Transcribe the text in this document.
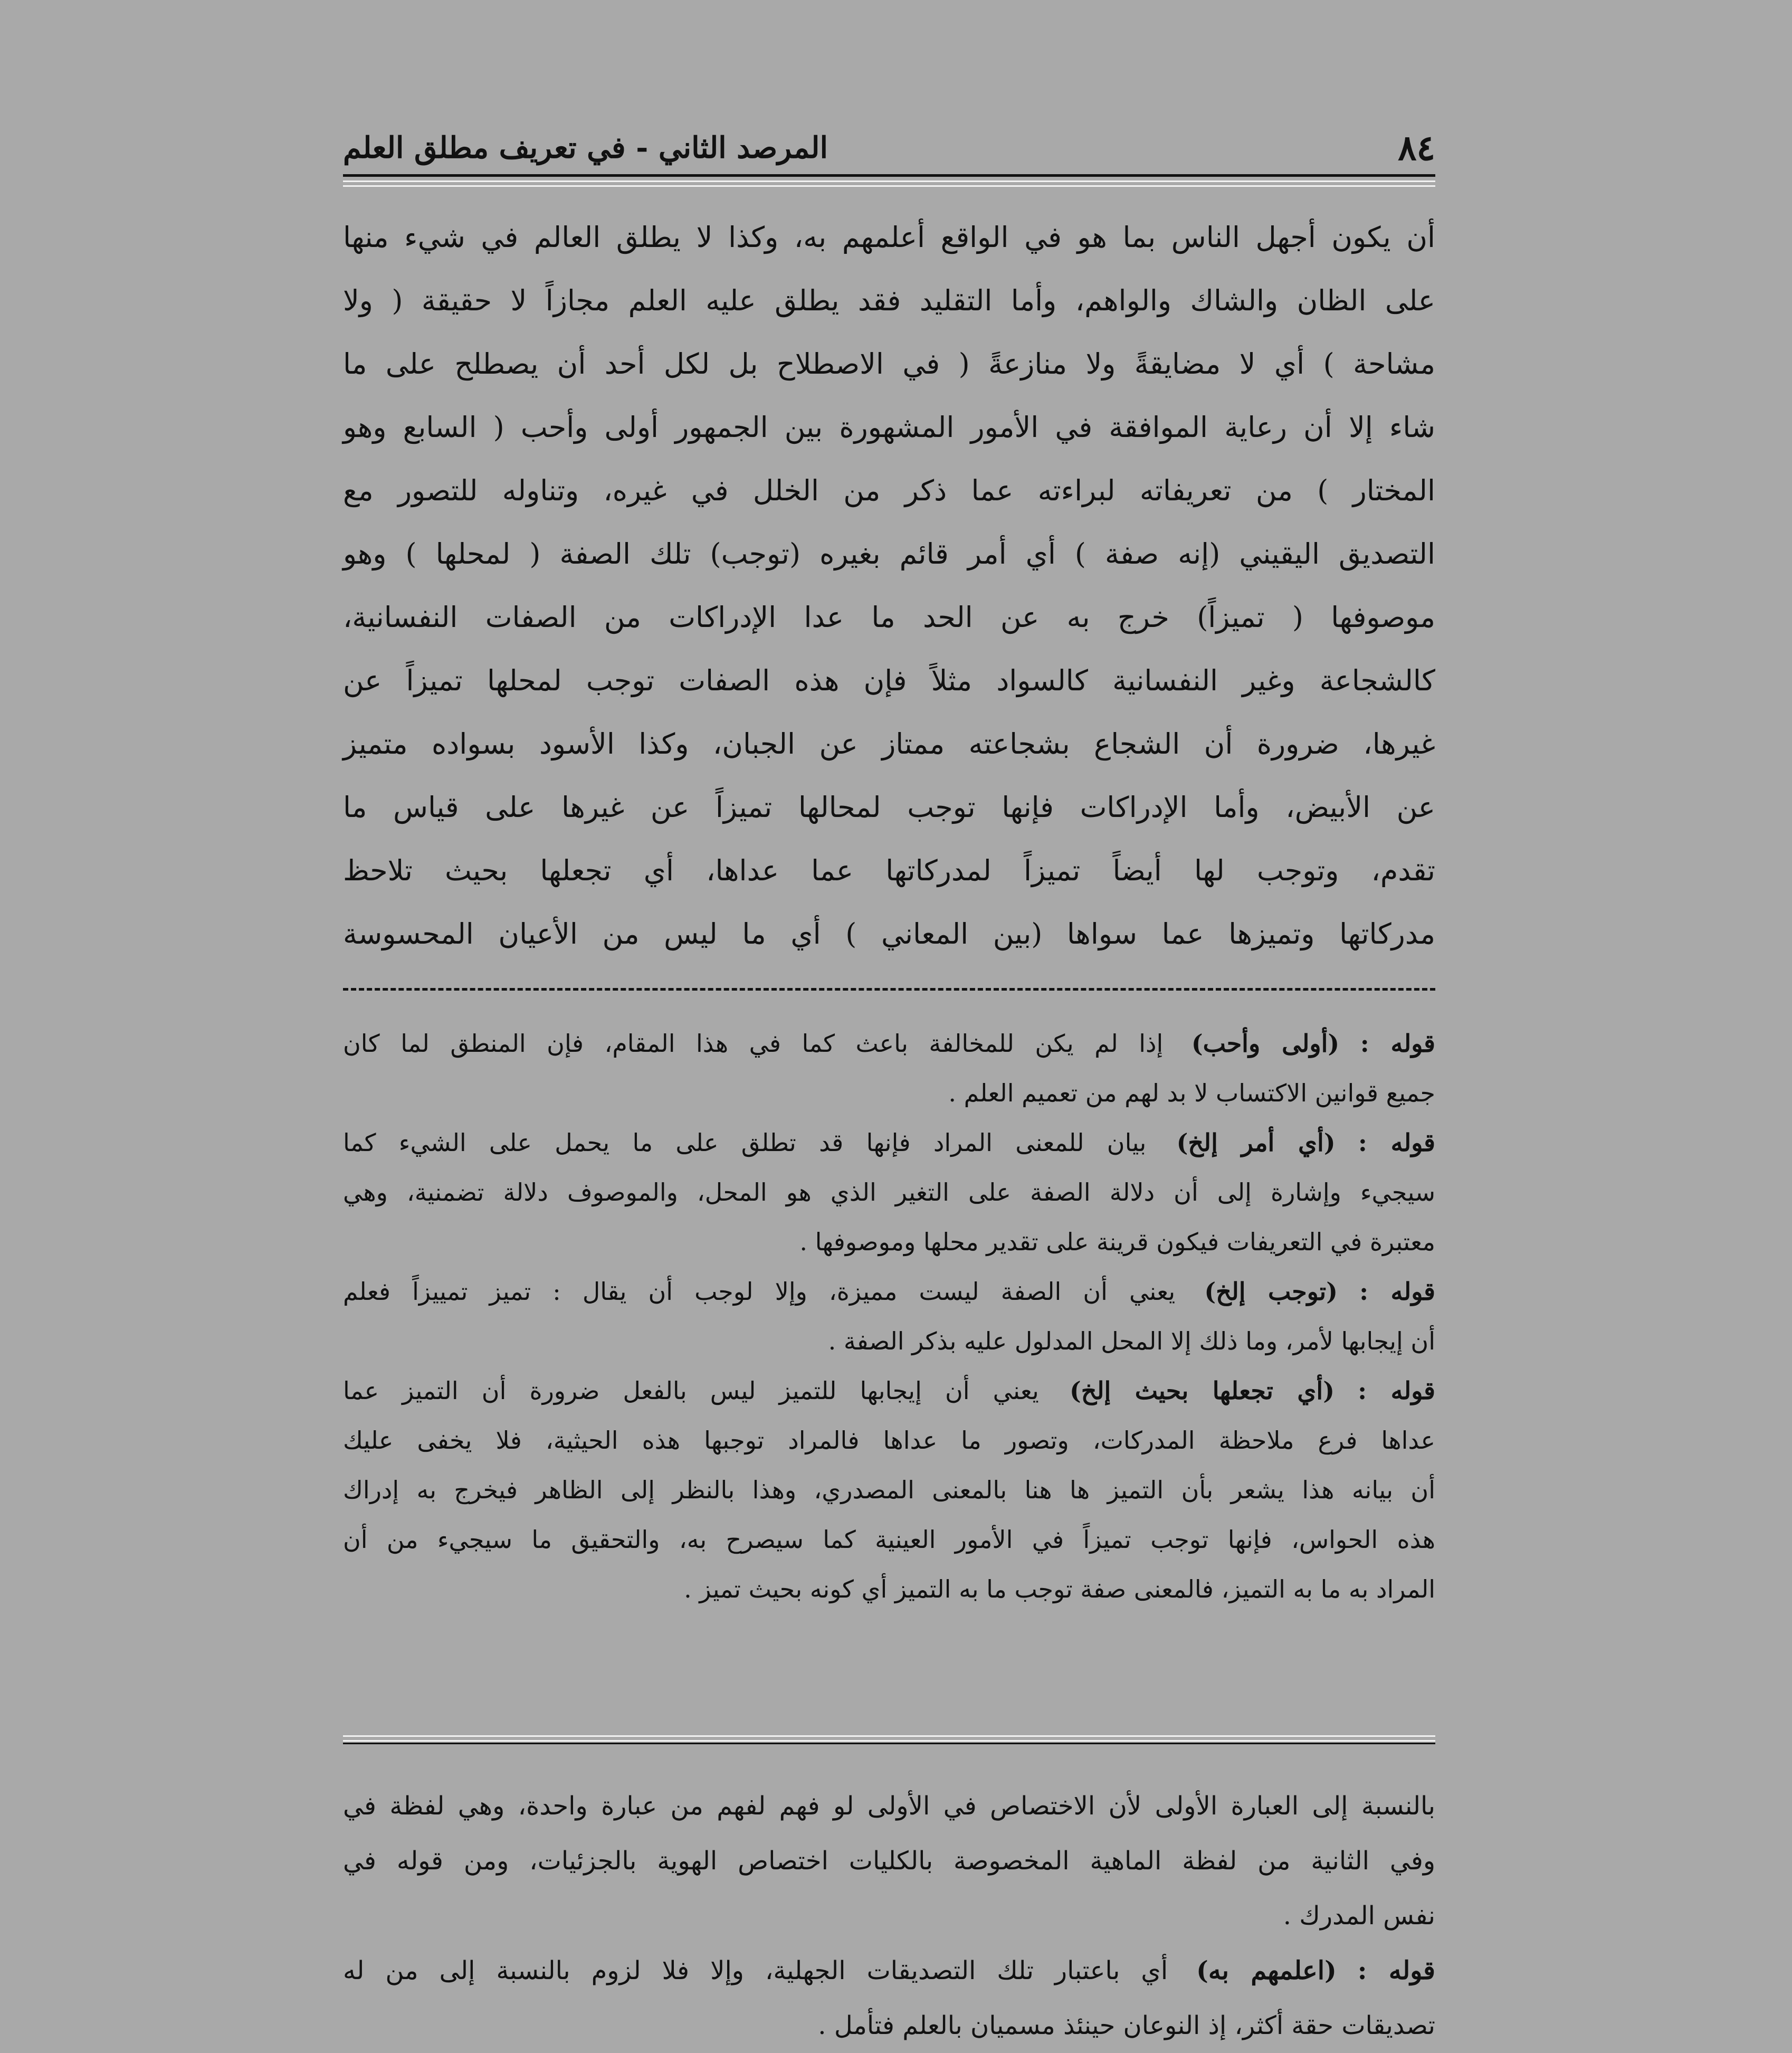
٨٤
المرصد الثاني - في تعريف مطلق العلم

أن يكون أجهل الناس بما هو في الواقع أعلمهم به، وكذا لا يطلق العالم في شيء منها

على الظان والشاك والواهم، وأما التقليد فقد يطلق عليه العلم مجازاً لا حقيقة ( ولا

مشاحة ) أي لا مضايقةً ولا منازعةً ( في الاصطلاح بل لكل أحد أن يصطلح على ما

شاء إلا أن رعاية الموافقة في الأمور المشهورة بين الجمهور أولى وأحب ( السابع وهو

المختار ) من تعريفاته لبراءته عما ذكر من الخلل في غيره، وتناوله للتصور مع

التصديق اليقيني (إنه صفة ) أي أمر قائم بغيره (توجب) تلك الصفة ( لمحلها ) وهو

موصوفها ( تميزاً) خرج به عن الحد ما عدا الإدراكات من الصفات النفسانية،

كالشجاعة وغير النفسانية كالسواد مثلاً فإن هذه الصفات توجب لمحلها تميزاً عن

غيرها، ضرورة أن الشجاع بشجاعته ممتاز عن الجبان، وكذا الأسود بسواده متميز

عن الأبيض، وأما الإدراكات فإنها توجب لمحالها تميزاً عن غيرها على قياس ما

تقدم، وتوجب لها أيضاً تميزاً لمدركاتها عما عداها، أي تجعلها بحيث تلاحظ

مدركاتها وتميزها عما سواها (بين المعاني ) أي ما ليس من الأعيان المحسوسة

قوله : (أولى وأحب) إذا لم يكن للمخالفة باعث كما في هذا المقام، فإن المنطق لما كان

جميع قوانين الاكتساب لا بد لهم من تعميم العلم .

قوله : (أي أمر إلخ) بيان للمعنى المراد فإنها قد تطلق على ما يحمل على الشيء كما

سيجيء وإشارة إلى أن دلالة الصفة على التغير الذي هو المحل، والموصوف دلالة تضمنية، وهي

معتبرة في التعريفات فيكون قرينة على تقدير محلها وموصوفها .

قوله : (توجب إلخ) يعني أن الصفة ليست مميزة، وإلا لوجب أن يقال : تميز تمييزاً فعلم

أن إيجابها لأمر، وما ذلك إلا المحل المدلول عليه بذكر الصفة .

قوله : (أي تجعلها بحيث إلخ) يعني أن إيجابها للتميز ليس بالفعل ضرورة أن التميز عما

عداها فرع ملاحظة المدركات، وتصور ما عداها فالمراد توجبها هذه الحيثية، فلا يخفى عليك

أن بيانه هذا يشعر بأن التميز ها هنا بالمعنى المصدري، وهذا بالنظر إلى الظاهر فيخرج به إدراك

هذه الحواس، فإنها توجب تميزاً في الأمور العينية كما سيصرح به، والتحقيق ما سيجيء من أن

المراد به ما به التميز، فالمعنى صفة توجب ما به التميز أي كونه بحيث تميز .

بالنسبة إلى العبارة الأولى لأن الاختصاص في الأولى لو فهم لفهم من عبارة واحدة، وهي لفظة في

وفي الثانية من لفظة الماهية المخصوصة بالكليات اختصاص الهوية بالجزئيات، ومن قوله في

نفس المدرك .

قوله : (اعلمهم به) أي باعتبار تلك التصديقات الجهلية، وإلا فلا لزوم بالنسبة إلى من له

تصديقات حقة أكثر، إذ النوعان حينئذ مسميان بالعلم فتأمل .
